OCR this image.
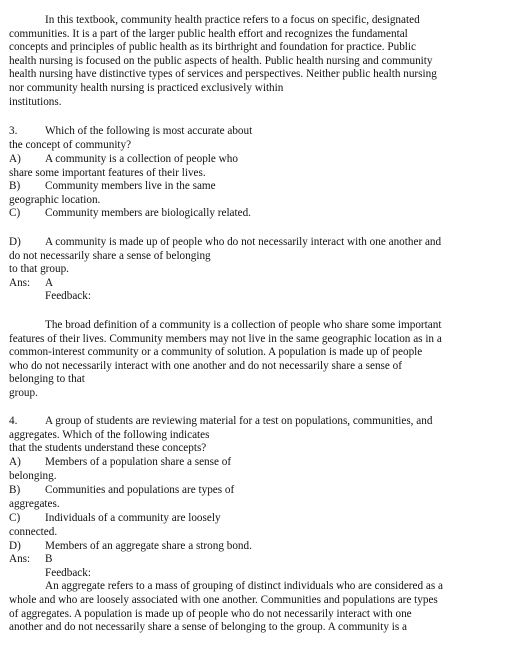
In this textbook, community health practice refers to a focus on specific, designated
communities. It is a part of the larger public health effort and recognizes the fundamental
concepts and principles of public health as its birthright and foundation for practice. Public
health nursing is focused on the public aspects of health. Public health nursing and community
health nursing have distinctive types of services and perspectives. Neither public health nursing
nor community health nursing is practiced exclusively within
institutions.
3. Which of the following is most accurate about
the concept of community?
A) A community is a collection of people who
share some important features of their lives.
B) Community members live in the same
geographic location.
C) Community members are biologically related.
D) A community is made up of people who do not necessarily interact with one another and
do not necessarily share a sense of belonging
to that group.
Ans: A
Feedback:
The broad definition of a community is a collection of people who share some important
features of their lives. Community members may not live in the same geographic location as in a
common-interest community or a community of solution. A population is made up of people
who do not necessarily interact with one another and do not necessarily share a sense of
belonging to that
group.
4. A group of students are reviewing material for a test on populations, communities, and
aggregates. Which of the following indicates
that the students understand these concepts?
A) Members of a population share a sense of
belonging.
B) Communities and populations are types of
aggregates.
C) Individuals of a community are loosely
connected.
D) Members of an aggregate share a strong bond.
Ans: B
Feedback:
An aggregate refers to a mass of grouping of distinct individuals who are considered as a
whole and who are loosely associated with one another. Communities and populations are types
of aggregates. A population is made up of people who do not necessarily interact with one
another and do not necessarily share a sense of belonging to the group. A community is a
